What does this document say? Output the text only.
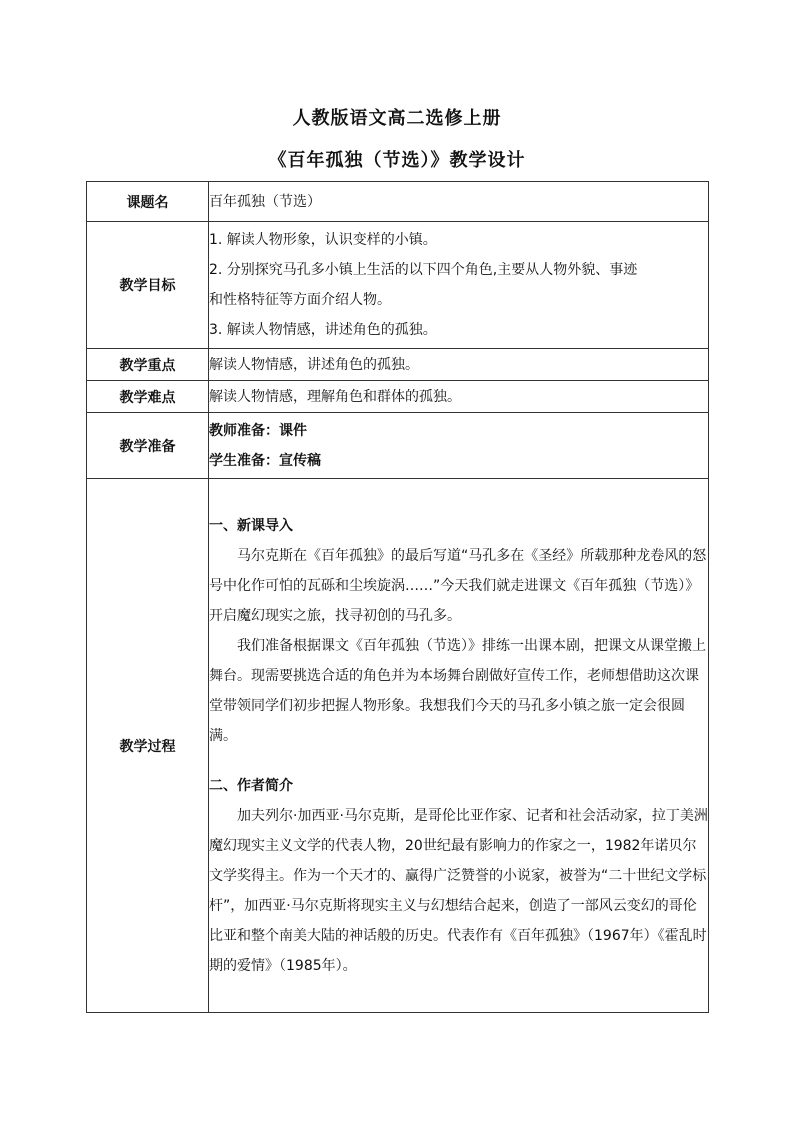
人教版语文高二选修上册
《百年孤独（节选）》教学设计
课题名	百年孤独（节选）
教学目标	1. 解读人物形象，认识变样的小镇。
2. 分别探究马孔多小镇上生活的以下四个角色,主要从人物外貌、事迹
和性格特征等方面介绍人物。
3. 解读人物情感，讲述角色的孤独。

教学重点	解读人物情感，讲述角色的孤独。
教学难点	解读人物情感，理解角色和群体的孤独。
教学准备	教师准备：课件
学生准备：宣传稿

教学过程	一、新课导入

马尔克斯在《百年孤独》的最后写道“马孔多在《圣经》所载那种龙卷风的怒号中化作可怕的瓦砾和尘埃旋涡……”今天我们就走进课文《百年孤独（节选）》开启魔幻现实之旅，找寻初创的马孔多。

我们准备根据课文《百年孤独（节选）》排练一出课本剧，把课文从课堂搬上舞台。现需要挑选合适的角色并为本场舞台剧做好宣传工作，老师想借助这次课堂带领同学们初步把握人物形象。我想我们今天的马孔多小镇之旅一定会很圆满。

二、作者简介

加夫列尔·加西亚·马尔克斯，是哥伦比亚作家、记者和社会活动家，拉丁美洲魔幻现实主义文学的代表人物，20世纪最有影响力的作家之一，1982年诺贝尔文学奖得主。作为一个天才的、赢得广泛赞誉的小说家，被誉为“二十世纪文学标杆”，加西亚·马尔克斯将现实主义与幻想结合起来，创造了一部风云变幻的哥伦比亚和整个南美大陆的神话般的历史。代表作有《百年孤独》（1967年）《霍乱时期的爱情》（1985年）。
